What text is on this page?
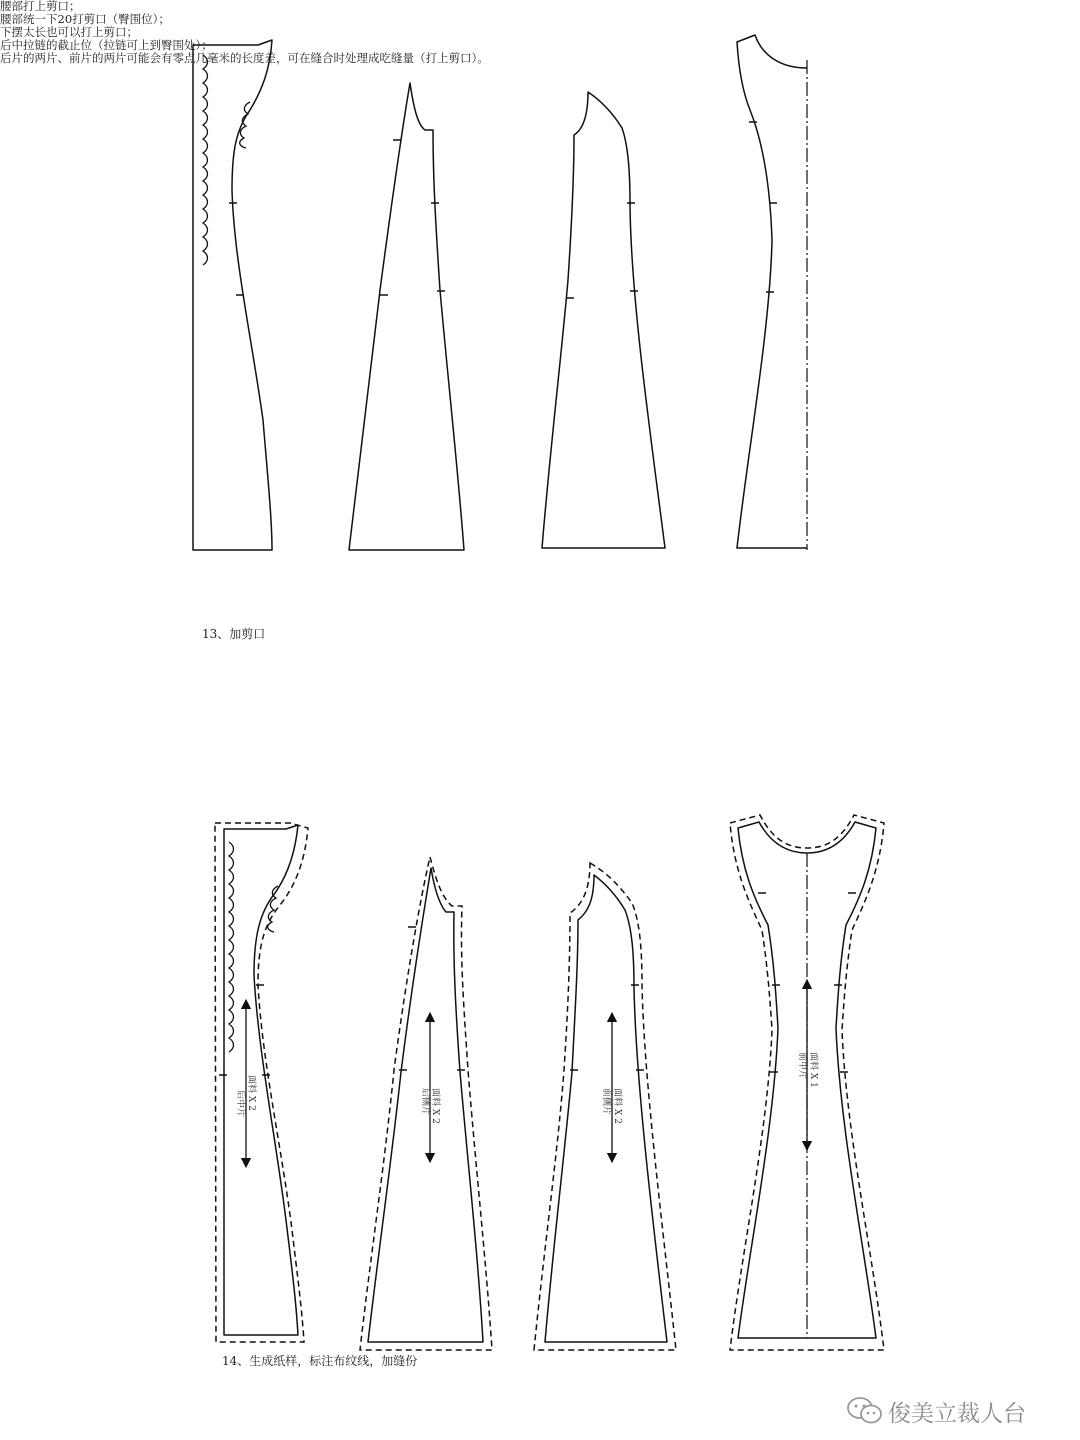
13、加剪口
腰部打上剪口；
腰部统一下20打剪口（臀围位）；
下摆太长也可以打上剪口；
后中拉链的截止位（拉链可上到臀围处）；
后片的两片、前片的两片可能会有零点几毫米的长度差，可在缝合时处理成吃缝量（打上剪口）。
后中片 面料 X 2	后侧片 面料 X 2	前侧片 面料 X 2
前中片 面料 X 1
14、生成纸样，标注布纹线，加缝份
俊美立裁人台
